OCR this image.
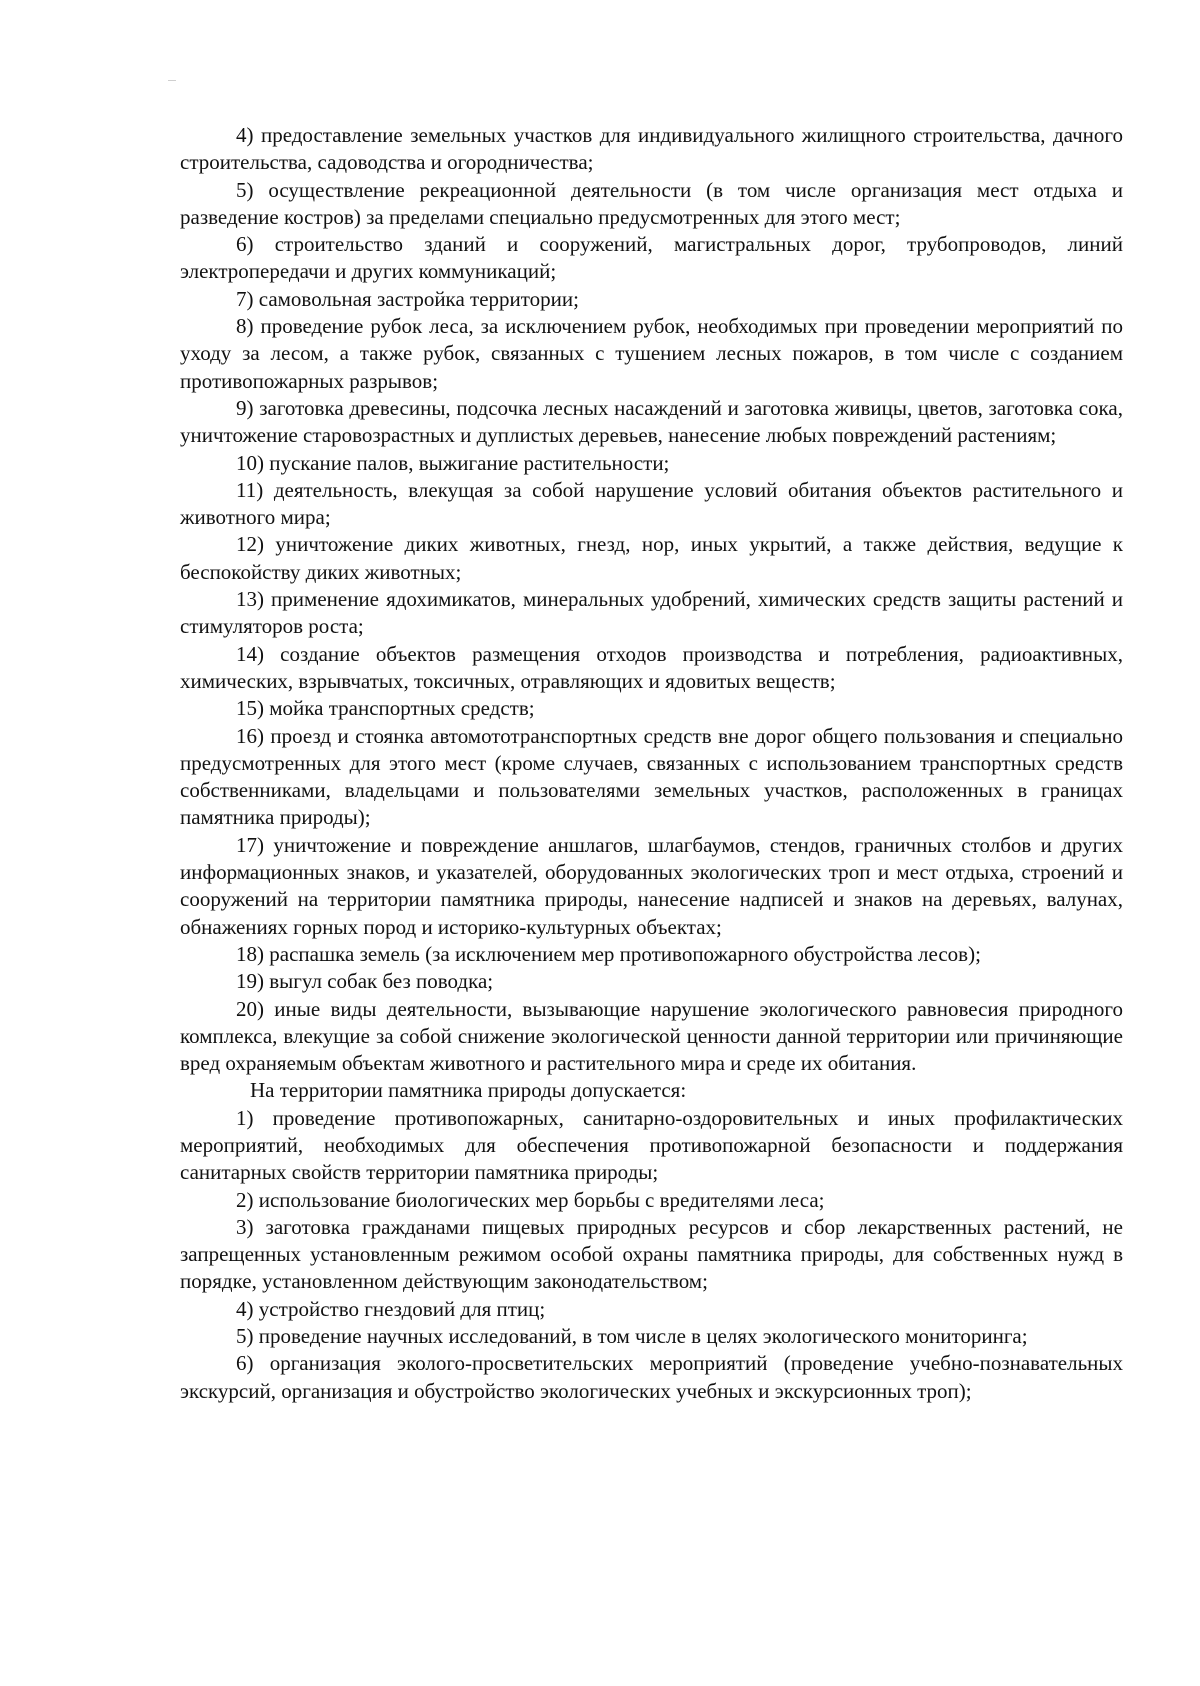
4) предоставление земельных участков для индивидуального жилищного строительства, дачного строительства, садоводства и огородничества;

5) осуществление рекреационной деятельности (в том числе организация мест отдыха и разведение костров) за пределами специально предусмотренных для этого мест;

6) строительство зданий и сооружений, магистральных дорог, трубопроводов, линий электропередачи и других коммуникаций;

7) самовольная застройка территории;

8) проведение рубок леса, за исключением рубок, необходимых при проведении мероприятий по уходу за лесом, а также рубок, связанных с тушением лесных пожаров, в том числе с созданием противопожарных разрывов;

9) заготовка древесины, подсочка лесных насаждений и заготовка живицы, цветов, заготовка сока, уничтожение старовозрастных и дуплистых деревьев, нанесение любых повреждений растениям;

10) пускание палов, выжигание растительности;

11) деятельность, влекущая за собой нарушение условий обитания объектов растительного и животного мира;

12) уничтожение диких животных, гнезд, нор, иных укрытий, а также действия, ведущие к беспокойству диких животных;

13) применение ядохимикатов, минеральных удобрений, химических средств защиты растений и стимуляторов роста;

14) создание объектов размещения отходов производства и потребления, радиоактивных, химических, взрывчатых, токсичных, отравляющих и ядовитых веществ;

15) мойка транспортных средств;

16) проезд и стоянка автомототранспортных средств вне дорог общего пользования и специально предусмотренных для этого мест (кроме случаев, связанных с использованием транспортных средств собственниками, владельцами и пользователями земельных участков, расположенных в границах памятника природы);

17) уничтожение и повреждение аншлагов, шлагбаумов, стендов, граничных столбов и других информационных знаков, и указателей, оборудованных экологических троп и мест отдыха, строений и сооружений на территории памятника природы, нанесение надписей и знаков на деревьях, валунах, обнажениях горных пород и историко-культурных объектах;

18) распашка земель (за исключением мер противопожарного обустройства лесов);

19) выгул собак без поводка;

20) иные виды деятельности, вызывающие нарушение экологического равновесия природного комплекса, влекущие за собой снижение экологической ценности данной территории или причиняющие вред охраняемым объектам животного и растительного мира и среде их обитания.

На территории памятника природы допускается:

1) проведение противопожарных, санитарно-оздоровительных и иных профилактических мероприятий, необходимых для обеспечения противопожарной безопасности и поддержания санитарных свойств территории памятника природы;

2) использование биологических мер борьбы с вредителями леса;

3) заготовка гражданами пищевых природных ресурсов и сбор лекарственных растений, не запрещенных установленным режимом особой охраны памятника природы, для собственных нужд в порядке, установленном действующим законодательством;

4) устройство гнездовий для птиц;

5) проведение научных исследований, в том числе в целях экологического мониторинга;

6) организация эколого-просветительских мероприятий (проведение учебно-познавательных экскурсий, организация и обустройство экологических учебных и экскурсионных троп);
